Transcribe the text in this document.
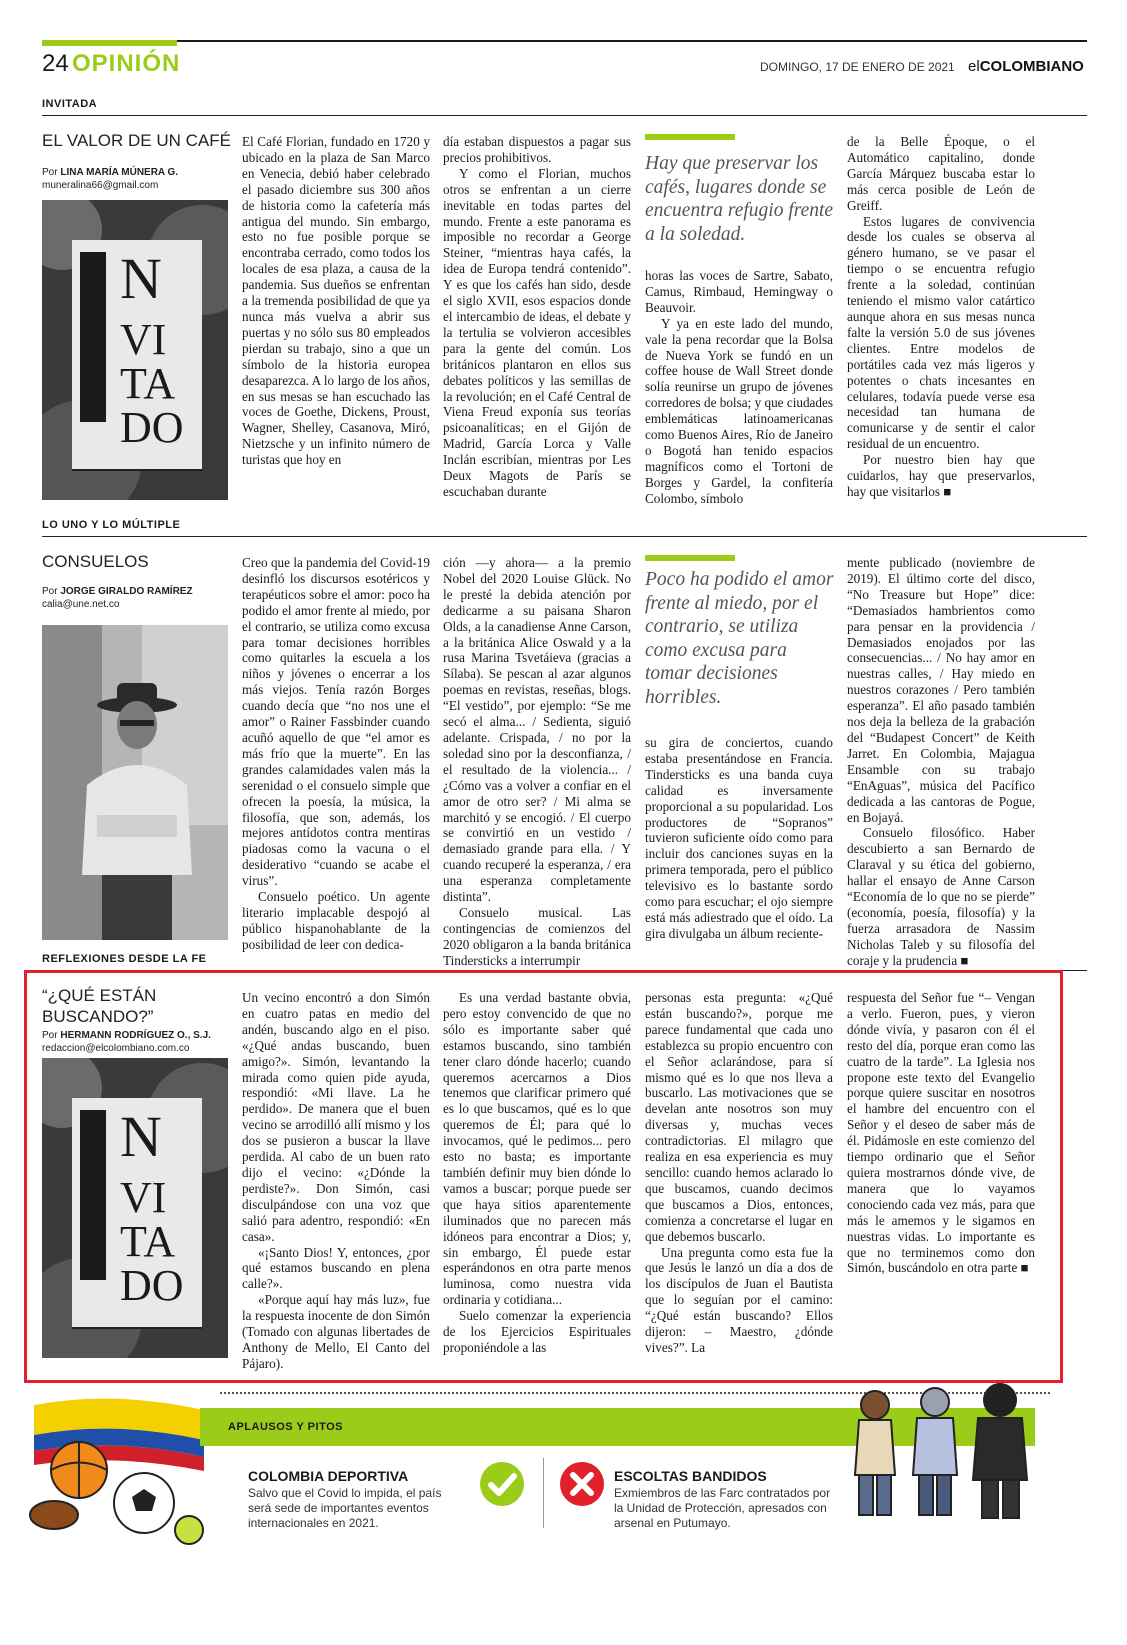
24 OPINIÓN	DOMINGO, 17 DE ENERO DE 2021 elCOLOMBIANO
INVITADA
EL VALOR DE UN CAFÉ
Por LINA MARÍA MÚNERA G.
muneralina66@gmail.com
N
VI
TA
DO

El Café Florian, fundado en 1720 y ubicado en la plaza de San Marco en Venecia, debió haber celebrado el pasado diciembre sus 300 años de historia como la cafetería más antigua del mundo. Sin embargo, esto no fue posible porque se encontraba cerrado, como todos los locales de esa plaza, a causa de la pandemia. Sus dueños se enfrentan a la tremenda posibilidad de que ya nunca más vuelva a abrir sus puertas y no sólo sus 80 empleados pierdan su trabajo, sino a que un símbolo de la historia europea desaparezca. A lo largo de los años, en sus mesas se han escuchado las voces de Goethe, Dickens, Proust, Wagner, Shelley, Casanova, Miró, Nietzsche y un infinito número de turistas que hoy en

día estaban dispuestos a pagar sus precios prohibitivos.

Y como el Florian, muchos otros se enfrentan a un cierre inevitable en todas partes del mundo. Frente a este panorama es imposible no recordar a George Steiner, “mientras haya cafés, la idea de Europa tendrá contenido”. Y es que los cafés han sido, desde el siglo XVII, esos espacios donde el intercambio de ideas, el debate y la tertulia se volvieron accesibles para la gente del común. Los británicos plantaron en ellos sus debates políticos y las semillas de la revolución; en el Café Central de Viena Freud exponía sus teorías psicoanalíticas; en el Gijón de Madrid, García Lorca y Valle Inclán escribían, mientras por Les Deux Magots de París se escuchaban durante

Hay que preservar los cafés, lugares donde se encuentra refugio frente a la soledad.

horas las voces de Sartre, Sabato, Camus, Rimbaud, Hemingway o Beauvoir.

Y ya en este lado del mundo, vale la pena recordar que la Bolsa de Nueva York se fundó en un coffee house de Wall Street donde solía reunirse un grupo de jóvenes corredores de bolsa; y que ciudades emblemáticas latinoamericanas como Buenos Aires, Río de Janeiro o Bogotá han tenido espacios magníficos como el Tortoni de Borges y Gardel, la confitería Colombo, símbolo

de la Belle Époque, o el Automático capitalino, donde García Márquez buscaba estar lo más cerca posible de León de Greiff.

Estos lugares de convivencia desde los cuales se observa al género humano, se ve pasar el tiempo o se encuentra refugio frente a la soledad, continúan teniendo el mismo valor catártico aunque ahora en sus mesas nunca falte la versión 5.0 de sus jóvenes clientes. Entre modelos de portátiles cada vez más ligeros y potentes o chats incesantes en celulares, todavía puede verse esa necesidad tan humana de comunicarse y de sentir el calor residual de un encuentro.

Por nuestro bien hay que cuidarlos, hay que preservarlos, hay que visitarlos ■

LO UNO Y LO MÚLTIPLE
CONSUELOS
Por JORGE GIRALDO RAMÍREZ
calia@une.net.co

Creo que la pandemia del Covid-19 desinfló los discursos esotéricos y terapéuticos sobre el amor: poco ha podido el amor frente al miedo, por el contrario, se utiliza como excusa para tomar decisiones horribles como quitarles la escuela a los niños y jóvenes o encerrar a los más viejos. Tenía razón Borges cuando decía que “no nos une el amor” o Rainer Fassbinder cuando acuñó aquello de que “el amor es más frío que la muerte”. En las grandes calamidades valen más la serenidad o el consuelo simple que ofrecen la poesía, la música, la filosofía, que son, además, los mejores antídotos contra mentiras piadosas como la vacuna o el desiderativo “cuando se acabe el virus”.

Consuelo poético. Un agente literario implacable despojó al público hispanohablante de la posibilidad de leer con dedica-

ción —y ahora— a la premio Nobel del 2020 Louise Glück. No le presté la debida atención por dedicarme a su paisana Sharon Olds, a la canadiense Anne Carson, a la británica Alice Oswald y a la rusa Marina Tsvetáieva (gracias a Sílaba). Se pescan al azar algunos poemas en revistas, reseñas, blogs. “El vestido”, por ejemplo: “Se me secó el alma... / Sedienta, siguió adelante. Crispada, / no por la soledad sino por la desconfianza, / el resultado de la violencia... / ¿Cómo vas a volver a confiar en el amor de otro ser? / Mi alma se marchitó y se encogió. / El cuerpo se convirtió en un vestido / demasiado grande para ella. / Y cuando recuperé la esperanza, / era una esperanza completamente distinta”.

Consuelo musical. Las contingencias de comienzos del 2020 obligaron a la banda británica Tindersticks a interrumpir

Poco ha podido el amor frente al miedo, por el contrario, se utiliza como excusa para tomar decisiones horribles.

su gira de conciertos, cuando estaba presentándose en Francia. Tindersticks es una banda cuya calidad es inversamente proporcional a su popularidad. Los productores de “Sopranos” tuvieron suficiente oído como para incluir dos canciones suyas en la primera temporada, pero el público televisivo es lo bastante sordo como para escuchar; el ojo siempre está más adiestrado que el oído. La gira divulgaba un álbum reciente-

mente publicado (noviembre de 2019). El último corte del disco, “No Treasure but Hope” dice: “Demasiados hambrientos como para pensar en la providencia / Demasiados enojados por las consecuencias... / No hay amor en nuestras calles, / Hay miedo en nuestros corazones / Pero también esperanza”. El año pasado también nos deja la belleza de la grabación del “Budapest Concert” de Keith Jarret. En Colombia, Majagua Ensamble con su trabajo “EnAguas”, música del Pacífico dedicada a las cantoras de Pogue, en Bojayá.

Consuelo filosófico. Haber descubierto a san Bernardo de Claraval y su ética del gobierno, hallar el ensayo de Anne Carson “Economía de lo que no se pierde” (economía, poesía, filosofía) y la fuerza arrasadora de Nassim Nicholas Taleb y su filosofía del coraje y la prudencia ■

REFLEXIONES DESDE LA FE
“¿QUÉ ESTÁN BUSCANDO?”
Por HERMANN RODRÍGUEZ O., S.J.
redaccion@elcolombiano.com.co
N
VI
TA
DO

Un vecino encontró a don Simón en cuatro patas en medio del andén, buscando algo en el piso. «¿Qué andas buscando, buen amigo?». Simón, levantando la mirada como quien pide ayuda, respondió: «Mi llave. La he perdido». De manera que el buen vecino se arrodilló allí mismo y los dos se pusieron a buscar la llave perdida. Al cabo de un buen rato dijo el vecino: «¿Dónde la perdiste?». Don Simón, casi disculpándose con una voz que salió para adentro, respondió: «En casa».

«¡Santo Dios! Y, entonces, ¿por qué estamos buscando en plena calle?».

«Porque aquí hay más luz», fue la respuesta inocente de don Simón (Tomado con algunas libertades de Anthony de Mello, El Canto del Pájaro).

Es una verdad bastante obvia, pero estoy convencido de que no sólo es importante saber qué estamos buscando, sino también tener claro dónde hacerlo; cuando queremos acercarnos a Dios tenemos que clarificar primero qué es lo que buscamos, qué es lo que queremos de Él; para qué lo invocamos, qué le pedimos... pero esto no basta; es importante también definir muy bien dónde lo vamos a buscar; porque puede ser que haya sitios aparentemente iluminados que no parecen más idóneos para encontrar a Dios; y, sin embargo, Él puede estar esperándonos en otra parte menos luminosa, como nuestra vida ordinaria y cotidiana...

Suelo comenzar la experiencia de los Ejercicios Espirituales proponiéndole a las

personas esta pregunta: «¿Qué están buscando?», porque me parece fundamental que cada uno establezca su propio encuentro con el Señor aclarándose, para sí mismo qué es lo que nos lleva a buscarlo. Las motivaciones que se develan ante nosotros son muy diversas y, muchas veces contradictorias. El milagro que realiza en esa experiencia es muy sencillo: cuando hemos aclarado lo que buscamos, cuando decimos que buscamos a Dios, entonces, comienza a concretarse el lugar en que debemos buscarlo.

Una pregunta como esta fue la que Jesús le lanzó un día a dos de los discípulos de Juan el Bautista que lo seguían por el camino: “¿Qué están buscando? Ellos dijeron: – Maestro, ¿dónde vives?”. La

respuesta del Señor fue “– Vengan a verlo. Fueron, pues, y vieron dónde vivía, y pasaron con él el resto del día, porque eran como las cuatro de la tarde”. La Iglesia nos propone este texto del Evangelio porque quiere suscitar en nosotros el hambre del encuentro con el Señor y el deseo de saber más de él. Pidámosle en este comienzo del tiempo ordinario que el Señor quiera mostrarnos dónde vive, de manera que lo vayamos conociendo cada vez más, para que más le amemos y le sigamos en nuestras vidas. Lo importante es que no terminemos como don Simón, buscándolo en otra parte ■

APLAUSOS Y PITOS
COLOMBIA DEPORTIVA
Salvo que el Covid lo impida, el país será sede de importantes eventos internacionales en 2021.
ESCOLTAS BANDIDOS
Exmiembros de las Farc contratados por la Unidad de Protección, apresados con arsenal en Putumayo.
